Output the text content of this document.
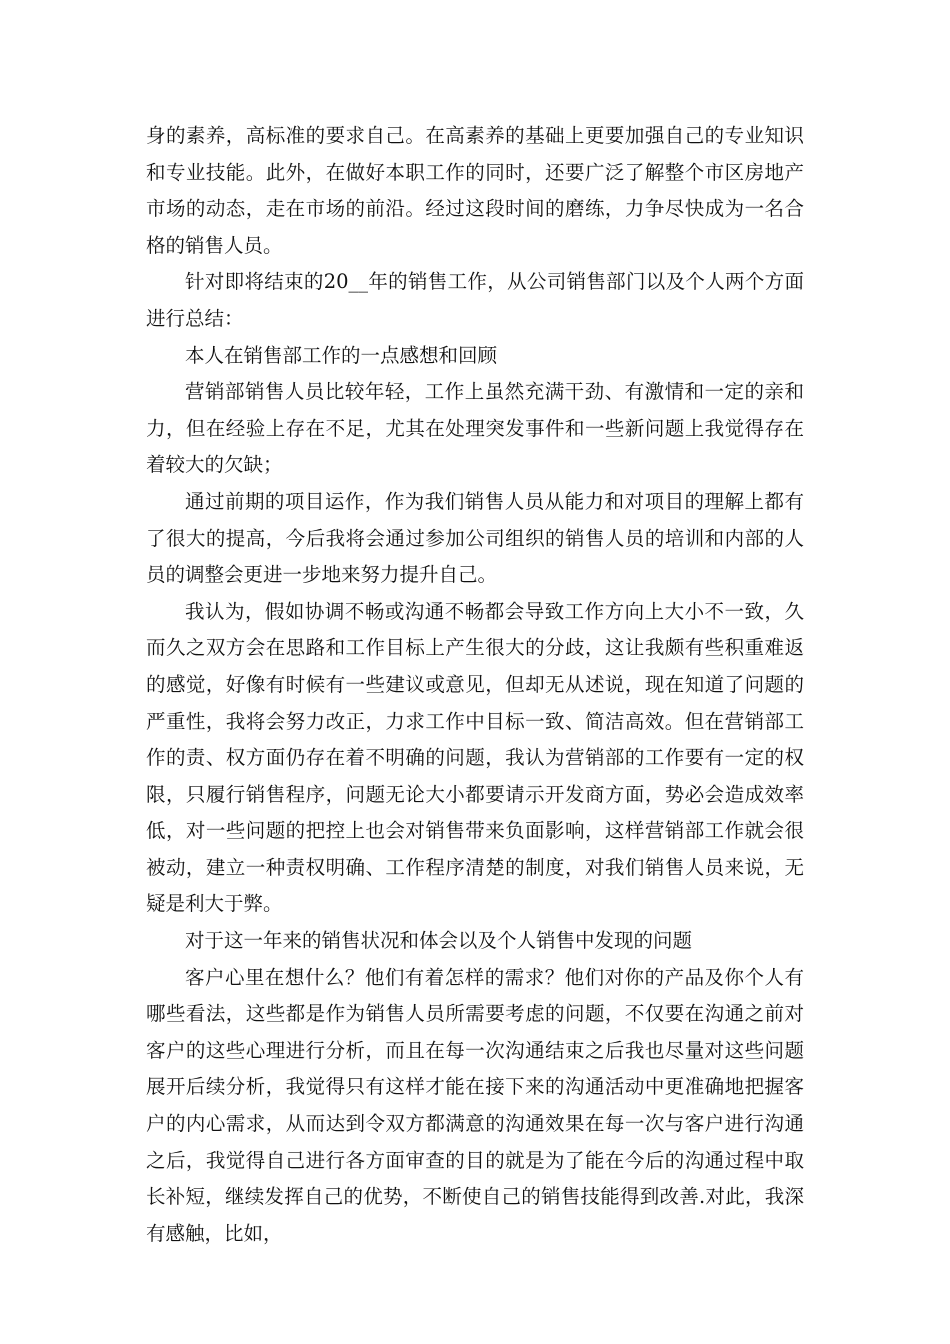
身的素养，高标准的要求自己。在高素养的基础上更要加强自己的专业知识和专业技能。此外，在做好本职工作的同时，还要广泛了解整个市区房地产市场的动态，走在市场的前沿。经过这段时间的磨练，力争尽快成为一名合格的销售人员。

针对即将结束的20__年的销售工作，从公司销售部门以及个人两个方面进行总结：

本人在销售部工作的一点感想和回顾

营销部销售人员比较年轻，工作上虽然充满干劲、有激情和一定的亲和力，但在经验上存在不足，尤其在处理突发事件和一些新问题上我觉得存在着较大的欠缺；

通过前期的项目运作，作为我们销售人员从能力和对项目的理解上都有了很大的提高，今后我将会通过参加公司组织的销售人员的培训和内部的人员的调整会更进一步地来努力提升自己。

我认为，假如协调不畅或沟通不畅都会导致工作方向上大小不一致，久而久之双方会在思路和工作目标上产生很大的分歧，这让我颇有些积重难返的感觉，好像有时候有一些建议或意见，但却无从述说，现在知道了问题的严重性，我将会努力改正，力求工作中目标一致、简洁高效。但在营销部工作的责、权方面仍存在着不明确的问题，我认为营销部的工作要有一定的权限，只履行销售程序，问题无论大小都要请示开发商方面，势必会造成效率低，对一些问题的把控上也会对销售带来负面影响，这样营销部工作就会很被动，建立一种责权明确、工作程序清楚的制度，对我们销售人员来说，无疑是利大于弊。

对于这一年来的销售状况和体会以及个人销售中发现的问题

客户心里在想什么？他们有着怎样的需求？他们对你的产品及你个人有哪些看法，这些都是作为销售人员所需要考虑的问题，不仅要在沟通之前对客户的这些心理进行分析，而且在每一次沟通结束之后我也尽量对这些问题展开后续分析，我觉得只有这样才能在接下来的沟通活动中更准确地把握客户的内心需求，从而达到令双方都满意的沟通效果在每一次与客户进行沟通之后，我觉得自己进行各方面审查的目的就是为了能在今后的沟通过程中取长补短，继续发挥自己的优势，不断使自己的销售技能得到改善.对此，我深有感触，比如，
